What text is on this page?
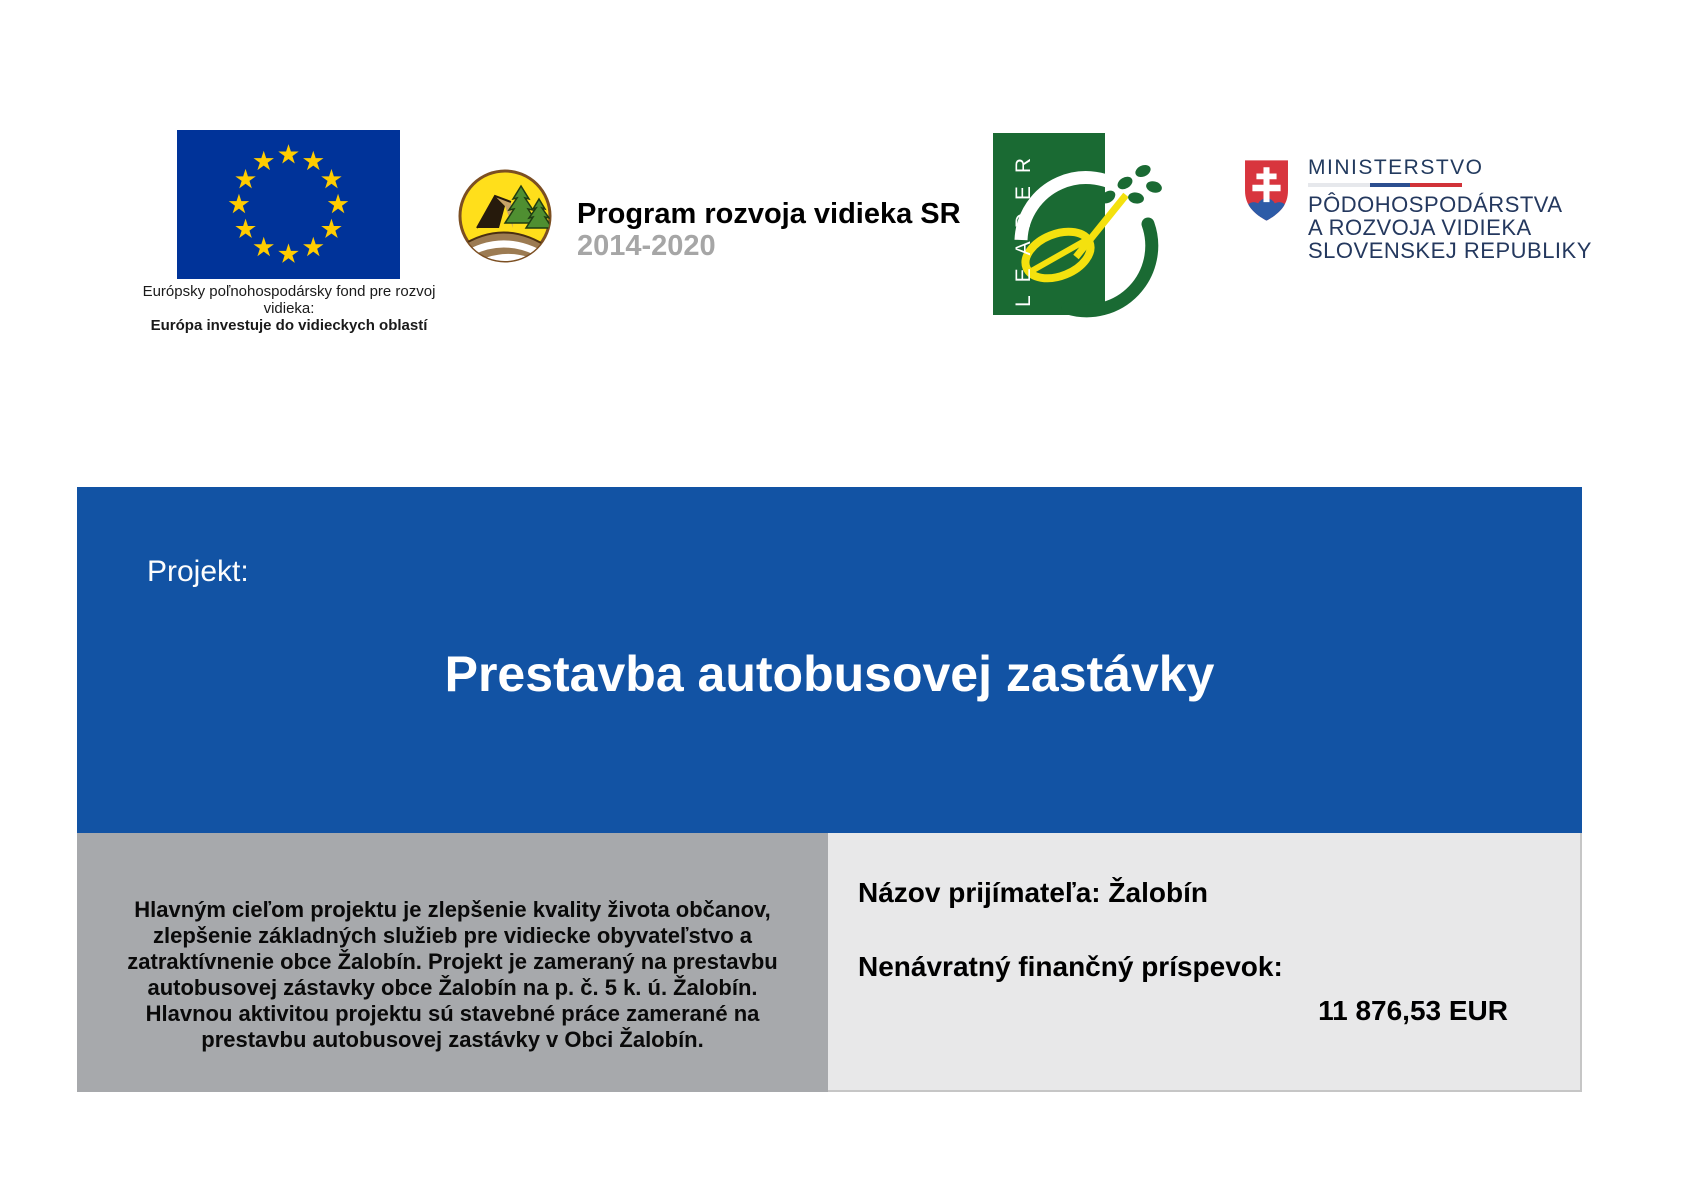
Európsky poľnohospodársky fond pre rozvoj vidieka:
Európa investuje do vidieckych oblastí
Program rozvoja vidieka SR
2014-2020	LEADER	MINISTERSTVO
PÔDOHOSPODÁRSTVA
A ROZVOJA VIDIEKA
SLOVENSKEJ REPUBLIKY
Projekt:
Prestavba autobusovej zastávky
Hlavným cieľom projektu je zlepšenie kvality života občanov,
zlepšenie základných služieb pre vidiecke obyvateľstvo a
zatraktívnenie obce Žalobín. Projekt je zameraný na prestavbu
autobusovej zástavky obce Žalobín na p. č. 5 k. ú. Žalobín.
Hlavnou aktivitou projektu sú stavebné práce zamerané na
prestavbu autobusovej zastávky v Obci Žalobín.
Názov prijímateľa: Žalobín
Nenávratný finančný príspevok:
11 876,53 EUR
